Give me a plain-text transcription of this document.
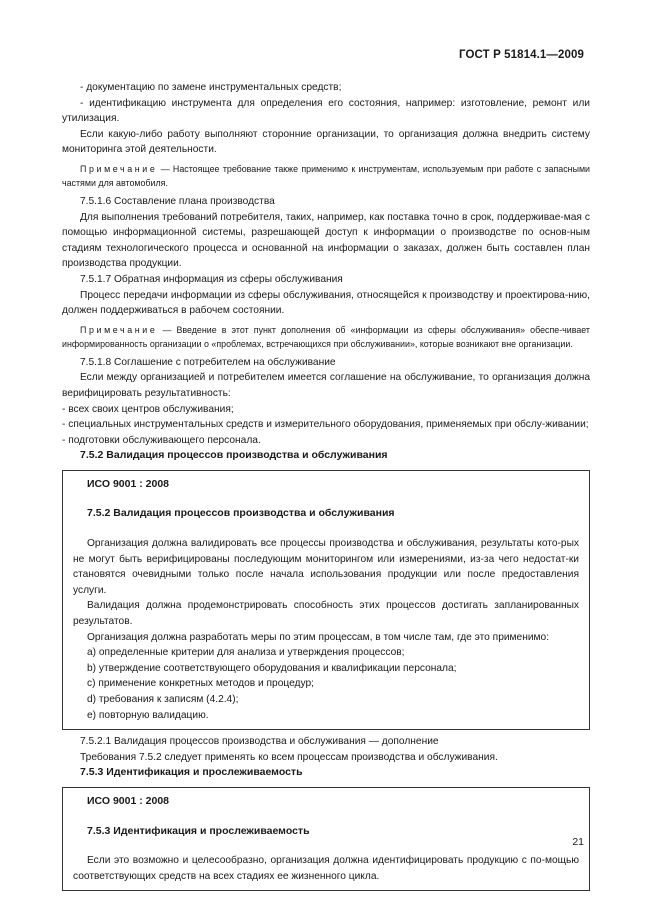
ГОСТ Р 51814.1—2009

- документацию по замене инструментальных средств;

- идентификацию инструмента для определения его состояния, например: изготовление, ремонт или утилизация.

Если какую-либо работу выполняют сторонние организации, то организация должна внедрить систему мониторинга этой деятельности.

Примечание — Настоящее требование также применимо к инструментам, используемым при работе с запасными частями для автомобиля.

7.5.1.6 Составление плана производства

Для выполнения требований потребителя, таких, например, как поставка точно в срок, поддерживае-мая с помощью информационной системы, разрешающей доступ к информации о производстве по основ-ным стадиям технологического процесса и основанной на информации о заказах, должен быть составлен план производства продукции.

7.5.1.7 Обратная информация из сферы обслуживания

Процесс передачи информации из сферы обслуживания, относящейся к производству и проектирова-нию, должен поддерживаться в рабочем состоянии.

Примечание — Введение в этот пункт дополнения об «информации из сферы обслуживания» обеспе-чивает информированность организации о «проблемах, встречающихся при обслуживании», которые возникают вне организации.

7.5.1.8 Соглашение с потребителем на обслуживание

Если между организацией и потребителем имеется соглашение на обслуживание, то организация должна верифицировать результативность:

- всех своих центров обслуживания;

- специальных инструментальных средств и измерительного оборудования, применяемых при обслу-живании;

- подготовки обслуживающего персонала.

7.5.2 Валидация процессов производства и обслуживания

ИСО 9001 : 2008

7.5.2 Валидация процессов производства и обслуживания

Организация должна валидировать все процессы производства и обслуживания, результаты кото-рых не могут быть верифицированы последующим мониторингом или измерениями, из-за чего недостат-ки становятся очевидными только после начала использования продукции или после предоставления услуги.

Валидация должна продемонстрировать способность этих процессов достигать запланированных результатов.

Организация должна разработать меры по этим процессам, в том числе там, где это применимо:

a) определенные критерии для анализа и утверждения процессов;

b) утверждение соответствующего оборудования и квалификации персонала;

c) применение конкретных методов и процедур;

d) требования к записям (4.2.4);

e) повторную валидацию.

7.5.2.1 Валидация процессов производства и обслуживания — дополнение

Требования 7.5.2 следует применять ко всем процессам производства и обслуживания.

7.5.3 Идентификация и прослеживаемость

ИСО 9001 : 2008

7.5.3 Идентификация и прослеживаемость

Если это возможно и целесообразно, организация должна идентифицировать продукцию с по-мощью соответствующих средств на всех стадиях ее жизненного цикла.

21
